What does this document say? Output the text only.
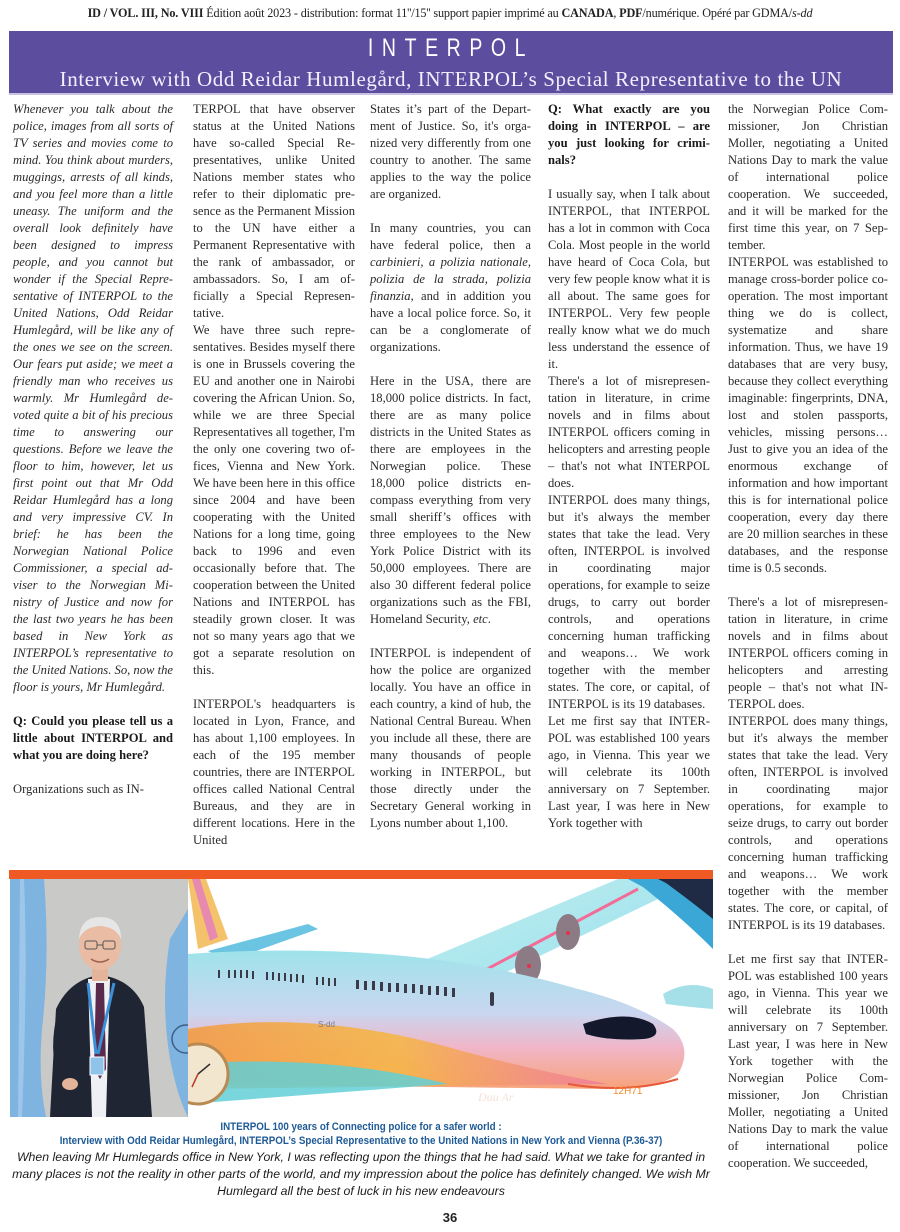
ID / VOL. III, No. VIII Édition août 2023 - distribution: format 11''/15'' support papier imprimé au CANADA, PDF/numérique. Opéré par GDMA/s-dd
INTERPOL
Interview with Odd Reidar Humlegård, INTERPOL’s Special Representative to the UN

Whenever you talk about the police, images from all sorts of TV series and movies come to mind. You think about murders, muggings, arrests of all kinds, and you feel more than a little uneasy. The uniform and the overall look definitely have been designed to impress people, and you cannot but wonder if the Special Representative of INTERPOL to the United Nations, Odd Reidar Humlegård, will be like any of the ones we see on the screen. Our fears put aside; we meet a friendly man who receives us warmly. Mr Humlegård devoted quite a bit of his precious time to answering our questions. Before we leave the floor to him, however, let us first point out that Mr Odd Reidar Humlegård has a long and very impressive CV. In brief: he has been the Norwegian National Police Commissioner, a special adviser to the Norwegian Ministry of Justice and now for the last two years he has been based in New York as INTERPOL’s representative to the United Nations. So, now the floor is yours, Mr Humlegård.

Q: Could you please tell us a little about INTERPOL and what you are doing here?

Organizations such as IN-

TERPOL that have observer status at the United Nations have so-called Special Representatives, unlike United Nations member states who refer to their diplomatic presence as the Permanent Mission to the UN have either a Permanent Representative with the rank of ambassador, or ambassadors. So, I am officially a Special Representative.

We have three such representatives. Besides myself there is one in Brussels covering the EU and another one in Nairobi covering the African Union. So, while we are three Special Representatives all together, I'm the only one covering two offices, Vienna and New York. We have been here in this office since 2004 and have been cooperating with the United Nations for a long time, going back to 1996 and even occasionally before that. The cooperation between the United Nations and INTERPOL has steadily grown closer. It was not so many years ago that we got a separate resolution on this.

INTERPOL's headquarters is located in Lyon, France, and has about 1,100 employees. In each of the 195 member countries, there are INTERPOL offices called National Central Bureaus, and they are in different locations. Here in the United

States it’s part of the Department of Justice. So, it's organized very differently from one country to another. The same applies to the way the police are organized.

In many countries, you can have federal police, then a carbinieri, a polizia nationale, polizia de la strada, polizia finanzia, and in addition you have a local police force. So, it can be a conglomerate of organizations.

Here in the USA, there are 18,000 police districts. In fact, there are as many police districts in the United States as there are employees in the Norwegian police. These 18,000 police districts encompass everything from very small sheriff’s offices with three employees to the New York Police District with its 50,000 employees. There are also 30 different federal police organizations such as the FBI, Homeland Security, etc.

INTERPOL is independent of how the police are organized locally. You have an office in each country, a kind of hub, the National Central Bureau. When you include all these, there are many thousands of people working in INTERPOL, but those directly under the Secretary General working in Lyons number about 1,100.

Q: What exactly are you doing in INTERPOL – are you just looking for criminals?

I usually say, when I talk about INTERPOL, that INTERPOL has a lot in common with Coca Cola. Most people in the world have heard of Coca Cola, but very few people know what it is all about. The same goes for INTERPOL. Very few people really know what we do much less understand the essence of it.

There's a lot of misrepresentation in literature, in crime novels and in films about INTERPOL officers coming in helicopters and arresting people – that's not what INTERPOL does.

INTERPOL does many things, but it's always the member states that take the lead. Very often, INTERPOL is involved in coordinating major operations, for example to seize drugs, to carry out border controls, and operations concerning human trafficking and weapons… We work together with the member states. The core, or capital, of INTERPOL is its 19 databases.

Let me first say that INTERPOL was established 100 years ago, in Vienna. This year we will celebrate its 100th anniversary on 7 September. Last year, I was here in New York together with

the Norwegian Police Commissioner, Jon Christian Moller, negotiating a United Nations Day to mark the value of international police cooperation. We succeeded, and it will be marked for the first time this year, on 7 September.

INTERPOL was established to manage cross-border police co-operation. The most important thing we do is collect, systematize and share information. Thus, we have 19 databases that are very busy, because they collect everything imaginable: fingerprints, DNA, lost and stolen passports, vehicles, missing persons… Just to give you an idea of the enormous exchange of information and how important this is for international police cooperation, every day there are 20 million searches in these databases, and the response time is 0.5 seconds.

There's a lot of misrepresentation in literature, in crime novels and in films about INTERPOL officers coming in helicopters and arresting people – that's not what INTERPOL does.

INTERPOL does many things, but it's always the member states that take the lead. Very often, INTERPOL is involved in coordinating major operations, for example to seize drugs, to carry out border controls, and operations concerning human trafficking and weapons… We work together with the member states. The core, or capital, of INTERPOL is its 19 databases.

Let me first say that INTERPOL was established 100 years ago, in Vienna. This year we will celebrate its 100th anniversary on 7 September. Last year, I was here in New York together with the Norwegian Police Commissioner, Jon Christian Moller, negotiating a United Nations Day to mark the value of international police cooperation. We succeeded,

S-dd
Duu Ar	12H71
INTERPOL 100 years of Connecting police for a safer world :
Interview with Odd Reidar Humlegård, INTERPOL’s Special Representative to the United Nations in New York and Vienna (P.36-37)
When leaving Mr Humlegards office in New York, I was reflecting upon the things that he had said. What we take for granted in many places is not the reality in other parts of the world, and my impression about the police has definitely changed. We wish Mr Humlegard all the best of luck in his new endeavours
36
